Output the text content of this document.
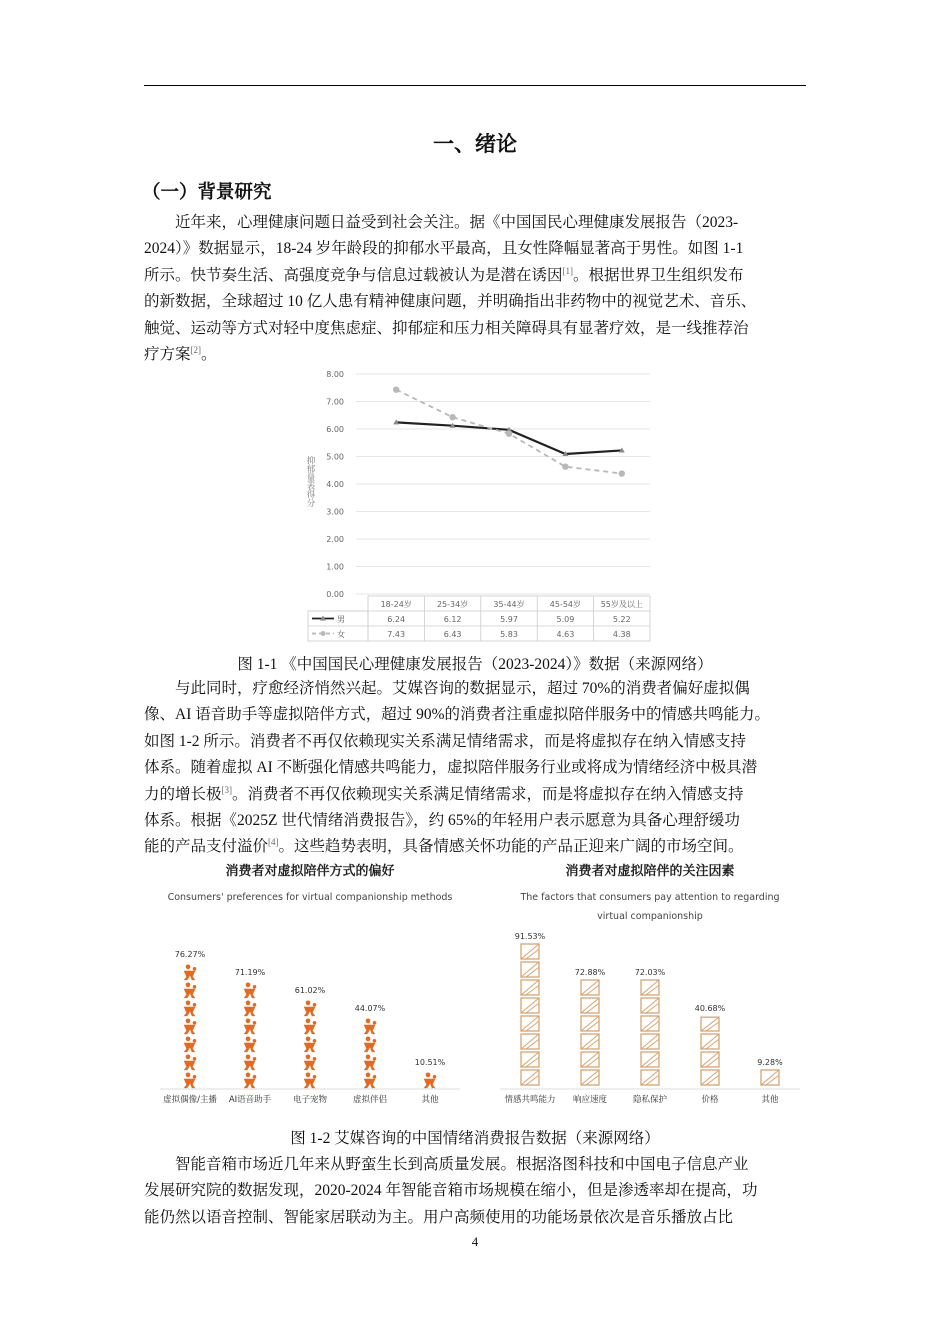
一、绪论
（一）背景研究

近年来，心理健康问题日益受到社会关注。据《中国国民心理健康发展报告（2023-

2024）》数据显示，18-24 岁年龄段的抑郁水平最高，且女性降幅显著高于男性。如图 1-1

所示。快节奏生活、高强度竞争与信息过载被认为是潜在诱因[1]。根据世界卫生组织发布

的新数据，全球超过 10 亿人患有精神健康问题，并明确指出非药物中的视觉艺术、音乐、

触觉、运动等方式对轻中度焦虑症、抑郁症和压力相关障碍具有显著疗效，是一线推荐治

疗方案[2]。

0.00
1.00
2.00
3.00
4.00
5.00
6.00
7.00
8.00
抑郁量表得分
18-24岁	25-34岁	35-44岁	45-54岁 55岁及以上
男	6.24	6.12	5.97	5.09	5.22
女	7.43	6.43	5.83	4.63	4.38
图 1-1 《中国国民心理健康发展报告（2023-2024）》数据（来源网络）

与此同时，疗愈经济悄然兴起。艾媒咨询的数据显示，超过 70%的消费者偏好虚拟偶

像、AI 语音助手等虚拟陪伴方式，超过 90%的消费者注重虚拟陪伴服务中的情感共鸣能力。

如图 1-2 所示。消费者不再仅依赖现实关系满足情绪需求，而是将虚拟存在纳入情感支持

体系。随着虚拟 AI 不断强化情感共鸣能力，虚拟陪伴服务行业或将成为情绪经济中极具潜

力的增长极[3]。消费者不再仅依赖现实关系满足情绪需求，而是将虚拟存在纳入情感支持

体系。根据《2025Z 世代情绪消费报告》，约 65%的年轻用户表示愿意为具备心理舒缓功

能的产品支付溢价[4]。这些趋势表明，具备情感关怀功能的产品正迎来广阔的市场空间。

消费者对虚拟陪伴方式的偏好
Consumers' preferences for virtual companionship methods
76.27%
虚拟偶像/主播
71.19%
AI语音助手
61.02%
电子宠物
44.07%
虚拟伴侣
10.51%
其他
消费者对虚拟陪伴的关注因素
The factors that consumers pay attention to regarding virtual companionship
91.53%
情感共鸣能力
72.88%
响应速度
72.03%
隐私保护
40.68%
价格
9.28%
其他
图 1-2 艾媒咨询的中国情绪消费报告数据（来源网络）

智能音箱市场近几年来从野蛮生长到高质量发展。根据洛图科技和中国电子信息产业

发展研究院的数据发现，2020-2024 年智能音箱市场规模在缩小，但是渗透率却在提高，功

能仍然以语音控制、智能家居联动为主。用户高频使用的功能场景依次是音乐播放占比

4
